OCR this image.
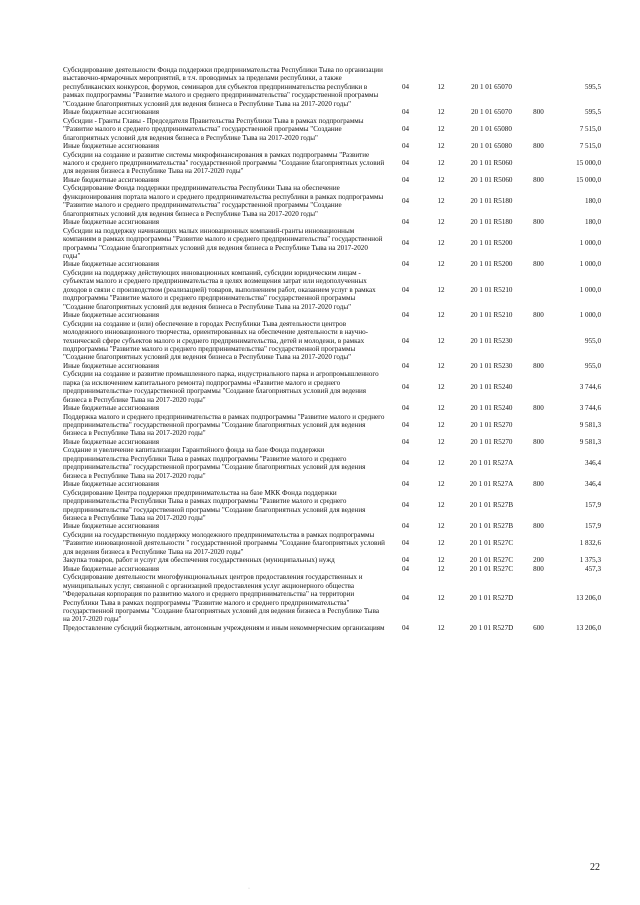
Субсидирование деятельности Фонда поддержки предпринимательства Республики Тыва по организации выставочно-ярмарочных мероприятий, в т.ч. проводимых за пределами республики, а также республиканских конкурсов, форумов, семинаров для субъектов предпринимательства республики в рамках подпрограммы "Развитие малого и среднего предпринимательства" государственной программы "Создание благоприятных условий для ведения бизнеса в Республике Тыва на 2017-2020 годы"	04	12	20 1 01 65070		595,5
Иные бюджетные ассигнования	04	12	20 1 01 65070	800	595,5
Субсидии - Гранты Главы - Председателя Правительства Республики Тыва в рамках подпрограммы "Развитие малого и среднего предпринимательства" государственной программы "Создание благоприятных условий для ведения бизнеса в Республике Тыва на 2017-2020 годы"	04	12	20 1 01 65080		7 515,0
Иные бюджетные ассигнования	04	12	20 1 01 65080	800	7 515,0
Субсидии на создание и развитие системы микрофинансирования в рамках подпрограммы "Развитие малого и среднего предпринимательства" государственной программы "Создание благоприятных условий для ведения бизнеса в Республике Тыва на 2017-2020 годы"	04	12	20 1 01 R5060		15 000,0
Иные бюджетные ассигнования	04	12	20 1 01 R5060	800	15 000,0
Субсидирование Фонда поддержки предпринимательства Республики Тыва на обеспечение функционирования портала малого и среднего предпринимательства республики в рамках подпрограммы "Развитие малого и среднего предпринимательства" государственной программы "Создание благоприятных условий для ведения бизнеса в Республике Тыва на 2017-2020 годы"	04	12	20 1 01 R5180		180,0
Иные бюджетные ассигнования	04	12	20 1 01 R5180	800	180,0
Субсидии на поддержку начинающих малых инновационных компаний-гранты инновационным компаниям в рамках подпрограммы "Развитие малого и среднего предпринимательства" государственной программы "Создание благоприятных условий для ведения бизнеса в Республике Тыва на 2017-2020 годы"	04	12	20 1 01 R5200		1 000,0
Иные бюджетные ассигнования	04	12	20 1 01 R5200	800	1 000,0
Субсидии на поддержку действующих инновационных компаний, субсидии юридическим лицам - субъектам малого и среднего предпринимательства в целях возмещения затрат или недополученных доходов в связи с производством (реализацией) товаров, выполнением работ, оказанием услуг в рамках подпрограммы "Развитие малого и среднего предпринимательства" государственной программы "Создание благоприятных условий для ведения бизнеса в Республике Тыва на 2017-2020 годы"	04	12	20 1 01 R5210		1 000,0
Иные бюджетные ассигнования	04	12	20 1 01 R5210	800	1 000,0
Субсидии на создание и (или) обеспечение в городах Республики Тыва деятельности центров молодежного инновационного творчества, ориентированных на обеспечение деятельности в научно-технической сфере субъектов малого и среднего предпринимательства, детей и молодежи, в рамках подпрограммы "Развитие малого и среднего предпринимательства" государственной программы "Создание благоприятных условий для ведения бизнеса в Республике Тыва на 2017-2020 годы"	04	12	20 1 01 R5230		955,0
Иные бюджетные ассигнования	04	12	20 1 01 R5230	800	955,0
Субсидии на создание и развитие промышленного парка, индустриального парка и агропромышленного парка (за исключением капитального ремонта) подпрограммы «Развитие малого и среднего предпринимательства» государственной программы "Создание благоприятных условий для ведения бизнеса в Республике Тыва на 2017-2020 годы"	04	12	20 1 01 R5240		3 744,6
Иные бюджетные ассигнования	04	12	20 1 01 R5240	800	3 744,6
Поддержка малого и среднего предпринимательства в рамках подпрограммы "Развитие малого и среднего предпринимательства" государственной программы "Создание благоприятных условий для ведения бизнеса в Республике Тыва на 2017-2020 годы"	04	12	20 1 01 R5270		9 581,3
Иные бюджетные ассигнования	04	12	20 1 01 R5270	800	9 581,3
Создание и увеличение капитализации Гарантийного фонда на базе Фонда поддержки предпринимательства Республики Тыва в рамках подпрограммы "Развитие малого и среднего предпринимательства" государственной программы "Создание благоприятных условий для ведения бизнеса в Республике Тыва на 2017-2020 годы"	04	12	20 1 01 R527A		346,4
Иные бюджетные ассигнования	04	12	20 1 01 R527A	800	346,4
Субсидирование Центра поддержки предпринимательства на базе МКК Фонда поддержки предпринимательства Республики Тыва в рамках подпрограммы "Развитие малого и среднего предпринимательства" государственной программы "Создание благоприятных условий для ведения бизнеса в Республике Тыва на 2017-2020 годы"	04	12	20 1 01 R527B		157,9
Иные бюджетные ассигнования	04	12	20 1 01 R527B	800	157,9
Субсидии на государственную поддержку молодежного предпринимательства в рамках подпрограммы "Развитие инновационной деятельности " государственной программы "Создание благоприятных условий для ведения бизнеса в Республике Тыва на 2017-2020 годы"	04	12	20 1 01 R527C		1 832,6
Закупка товаров, работ и услуг для обеспечения государственных (муниципальных) нужд	04	12	20 1 01 R527C	200	1 375,3
Иные бюджетные ассигнования	04	12	20 1 01 R527C	800	457,3
Субсидирование деятельности многофункциональных центров предоставления государственных и муниципальных услуг, связанной с организацией предоставления услуг акционерного общества "Федеральная корпорация по развитию малого и среднего предпринимательства" на территории Республики Тыва в рамках подпрограммы "Развитие малого и среднего предпринимательства" государственной программы "Создание благоприятных условий для ведения бизнеса в Республике Тыва на 2017-2020 годы"	04	12	20 1 01 R527D		13 206,0
Предоставление субсидий бюджетным, автономным учреждениям и иным некоммерческим организациям	04	12	20 1 01 R527D	600	13 206,0
22
·
